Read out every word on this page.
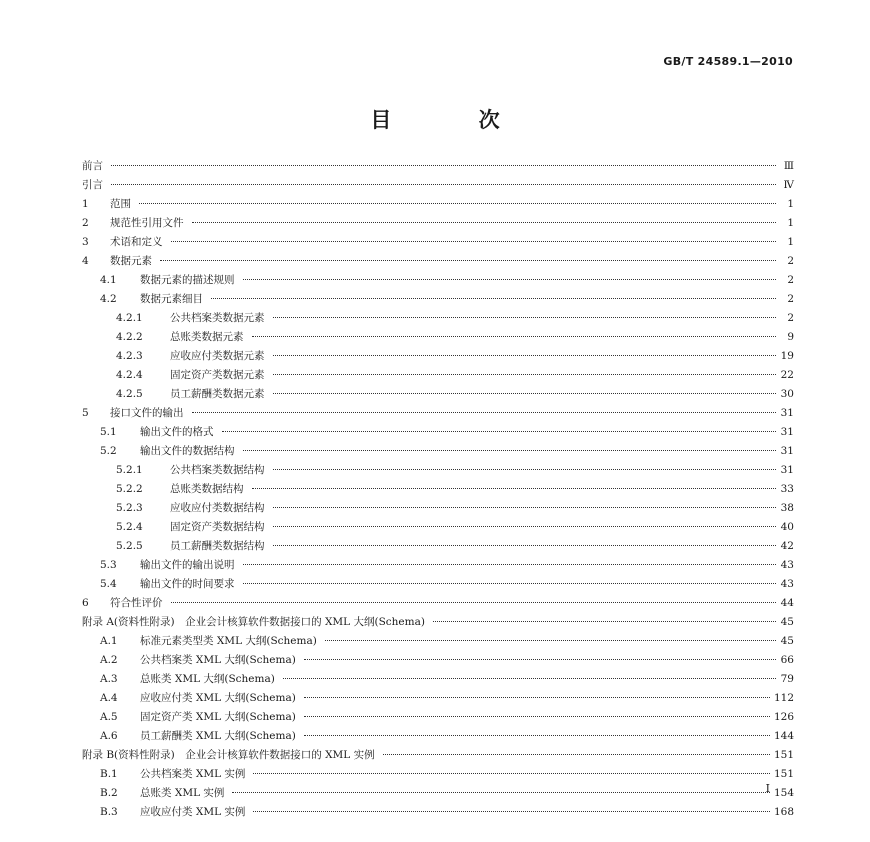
GB/T 24589.1—2010
目 次
前言	Ⅲ
引言	Ⅳ
1	范围	1
2	规范性引用文件	1
3	术语和定义	1
4	数据元素	2
4.1	数据元素的描述规则	2
4.2	数据元素细目	2
4.2.1	公共档案类数据元素	2
4.2.2	总账类数据元素	9
4.2.3	应收应付类数据元素	19
4.2.4	固定资产类数据元素	22
4.2.5	员工薪酬类数据元素	30
5	接口文件的输出	31
5.1	输出文件的格式	31
5.2	输出文件的数据结构	31
5.2.1	公共档案类数据结构	31
5.2.2	总账类数据结构	33
5.2.3	应收应付类数据结构	38
5.2.4	固定资产类数据结构	40
5.2.5	员工薪酬类数据结构	42
5.3	输出文件的输出说明	43
5.4	输出文件的时间要求	43
6	符合性评价	44
附录 A(资料性附录)　企业会计核算软件数据接口的 XML 大纲(Schema)	45
A.1	标准元素类型类 XML 大纲(Schema)	45
A.2	公共档案类 XML 大纲(Schema)	66
A.3	总账类 XML 大纲(Schema)	79
A.4	应收应付类 XML 大纲(Schema)	112
A.5	固定资产类 XML 大纲(Schema)	126
A.6	员工薪酬类 XML 大纲(Schema)	144
附录 B(资料性附录)　企业会计核算软件数据接口的 XML 实例	151
B.1	公共档案类 XML 实例	151
B.2	总账类 XML 实例	154
B.3	应收应付类 XML 实例	168
I
